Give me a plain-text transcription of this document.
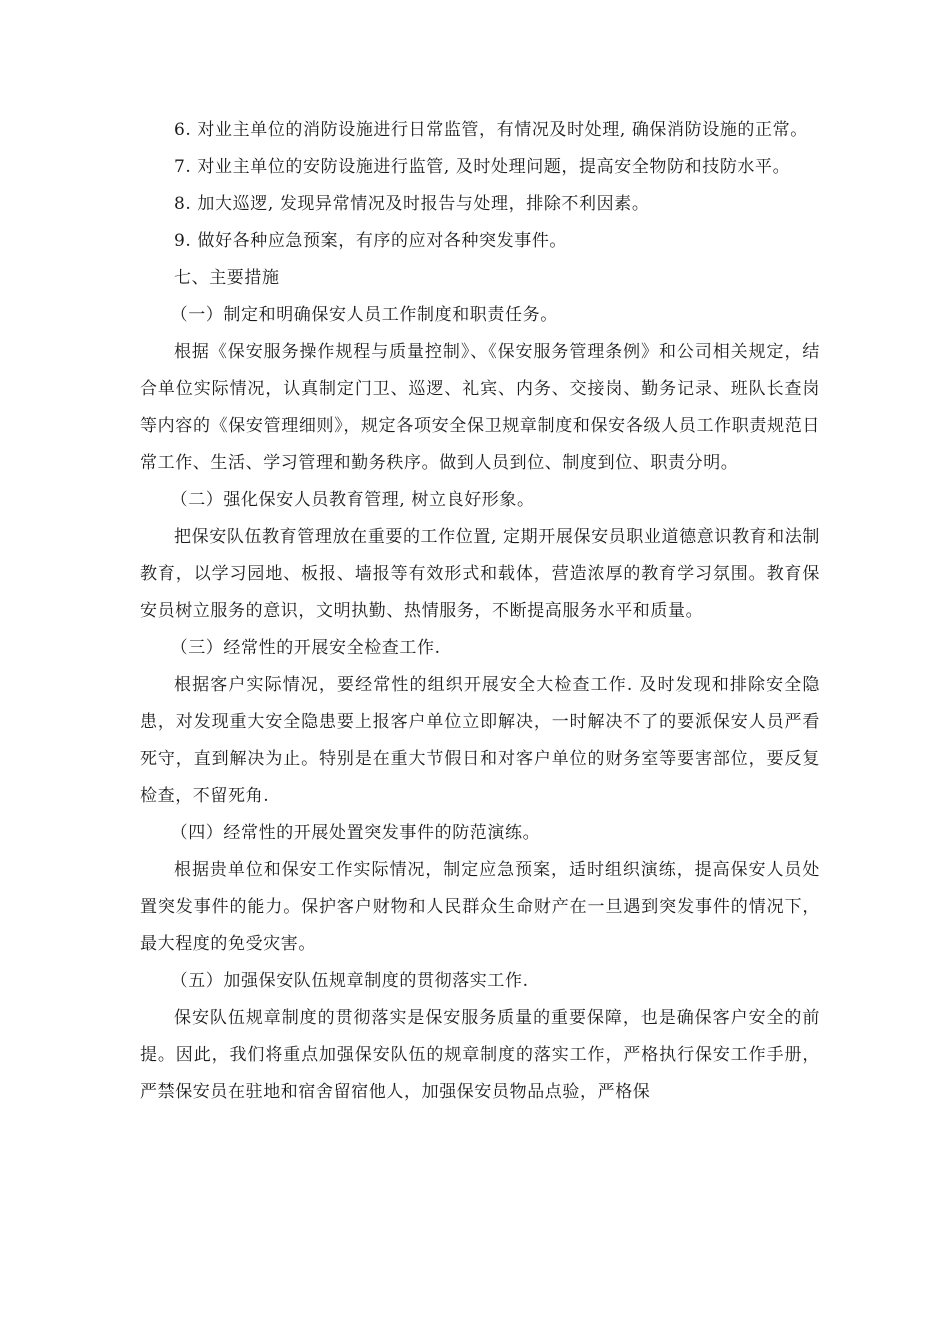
6. 对业主单位的消防设施进行日常监管，有情况及时处理, 确保消防设施的正常。

7. 对业主单位的安防设施进行监管, 及时处理问题，提高安全物防和技防水平。

8. 加大巡逻, 发现异常情况及时报告与处理，排除不利因素。

9. 做好各种应急预案，有序的应对各种突发事件。

七、主要措施

（一）制定和明确保安人员工作制度和职责任务。

根据《保安服务操作规程与质量控制》、《保安服务管理条例》和公司相关规定，结合单位实际情况，认真制定门卫、巡逻、礼宾、内务、交接岗、勤务记录、班队长查岗等内容的《保安管理细则》，规定各项安全保卫规章制度和保安各级人员工作职责规范日常工作、生活、学习管理和勤务秩序。做到人员到位、制度到位、职责分明。

（二）强化保安人员教育管理, 树立良好形象。

把保安队伍教育管理放在重要的工作位置, 定期开展保安员职业道德意识教育和法制教育，以学习园地、板报、墙报等有效形式和载体，营造浓厚的教育学习氛围。教育保安员树立服务的意识，文明执勤、热情服务，不断提高服务水平和质量。

（三）经常性的开展安全检查工作.

根据客户实际情况，要经常性的组织开展安全大检查工作. 及时发现和排除安全隐患，对发现重大安全隐患要上报客户单位立即解决，一时解决不了的要派保安人员严看死守，直到解决为止。特别是在重大节假日和对客户单位的财务室等要害部位，要反复检查，不留死角.

（四）经常性的开展处置突发事件的防范演练。

根据贵单位和保安工作实际情况，制定应急预案，适时组织演练，提高保安人员处置突发事件的能力。保护客户财物和人民群众生命财产在一旦遇到突发事件的情况下，最大程度的免受灾害。

（五）加强保安队伍规章制度的贯彻落实工作.

保安队伍规章制度的贯彻落实是保安服务质量的重要保障，也是确保客户安全的前提。因此，我们将重点加强保安队伍的规章制度的落实工作，严格执行保安工作手册，严禁保安员在驻地和宿舍留宿他人，加强保安员物品点验，严格保
